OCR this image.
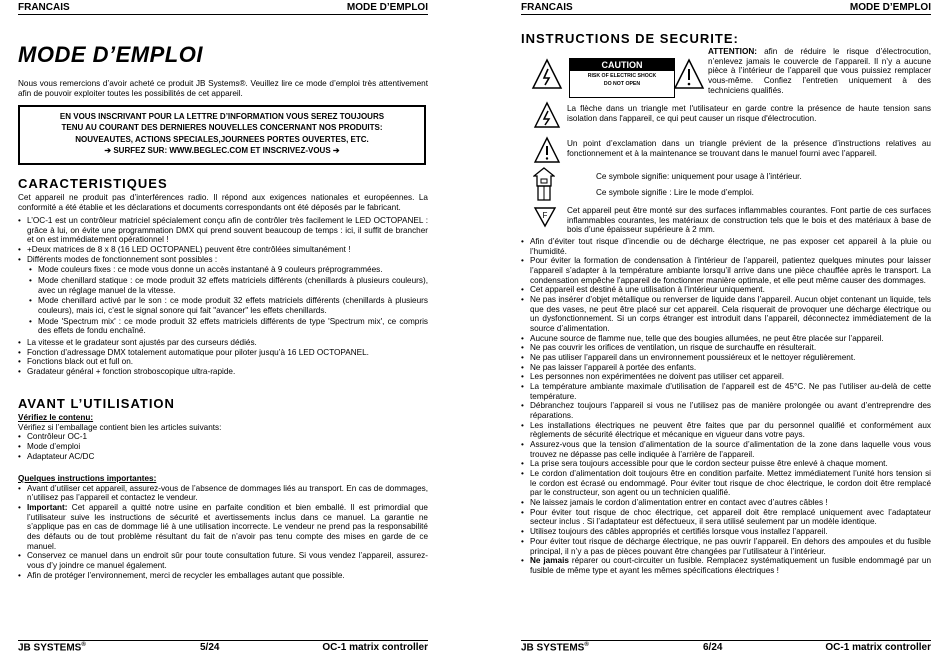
FRANCAIS	MODE D’EMPLOI
MODE D’EMPLOI
Nous vous remercions d’avoir acheté ce produit JB Systems®. Veuillez lire ce mode d’emploi très attentivement afin de pouvoir exploiter toutes les possibilités de cet appareil.
EN VOUS INSCRIVANT POUR LA LETTRE D’INFORMATION VOUS SEREZ TOUJOURS
TENU AU COURANT DES DERNIERES NOUVELLES CONCERNANT NOS PRODUITS:
NOUVEAUTES, ACTIONS SPECIALES,JOURNEES PORTES OUVERTES, ETC.
➔ SURFEZ SUR: WWW.BEGLEC.COM ET INSCRIVEZ-VOUS ➔
CARACTERISTIQUES
Cet appareil ne produit pas d’interférences radio. Il répond aux exigences nationales et européennes. La conformité a été établie et les déclarations et documents correspondants ont été déposés par le fabricant.
• L’OC-1 est un contrôleur matriciel spécialement conçu afin de contrôler très facilement le LED OCTOPANEL : grâce à lui, on évite une programmation DMX qui prend souvent beaucoup de temps : ici, il suffit de brancher et on est immédiatement opérationnel !
• +Deux matrices de 8 x 8 (16 LED OCTOPANEL) peuvent être contrôlées simultanément !
• Différents modes de fonctionnement sont possibles :
• Mode couleurs fixes : ce mode vous donne un accès instantané à 9 couleurs préprogrammées.
• Mode chenillard statique : ce mode produit 32 effets matriciels différents (chenillards à plusieurs couleurs), avec un réglage manuel de la vitesse.
• Mode chenillard activé par le son : ce mode produit 32 effets matriciels différents (chenillards à plusieurs couleurs), mais ici, c’est le signal sonore qui fait "avancer" les effets chenillards.
• Mode 'Spectrum mix' : ce mode produit 32 effets matriciels différents de type 'Spectrum mix', ce compris des effets de fondu enchaîné.
• La vitesse et le gradateur sont ajustés par des curseurs dédiés.
• Fonction d’adressage DMX totalement automatique pour piloter jusqu’à 16 LED OCTOPANEL.
• Fonctions black out et full on.
• Gradateur général + fonction stroboscopique ultra-rapide.
AVANT L’UTILISATION
Vérifiez le contenu:
Vérifiez si l’emballage contient bien les articles suivants:
• Contrôleur OC-1
• Mode d’emploi
• Adaptateur AC/DC
Quelques instructions importantes:
• Avant d’utiliser cet appareil, assurez-vous de l’absence de dommages liés au transport. En cas de dommages, n’utilisez pas l’appareil et contactez le vendeur.
• Important: Cet appareil a quitté notre usine en parfaite condition et bien emballé. Il est primordial que l’utilisateur suive les instructions de sécurité et avertissements inclus dans ce manuel. La garantie ne s’applique pas en cas de dommage lié à une utilisation incorrecte. Le vendeur ne prend pas la responsabilité des défauts ou de tout problème résultant du fait de n’avoir pas tenu compte des mises en garde de ce manuel.
• Conservez ce manuel dans un endroit sûr pour toute consultation future. Si vous vendez l’appareil, assurez-vous d’y joindre ce manuel également.
• Afin de protéger l’environnement, merci de recycler les emballages autant que possible.
JB SYSTEMS®	5/24	OC-1 matrix controller
FRANCAIS	MODE D’EMPLOI
INSTRUCTIONS DE SECURITE:
CAUTION
RISK OF ELECTRIC SHOCK
DO NOT OPEN
ATTENTION: afin de réduire le risque d’électrocution, n’enlevez jamais le couvercle de l’appareil. Il n’y a aucune pièce à l’intérieur de l’appareil que vous puissiez remplacer vous-même. Confiez l’entretien uniquement à des techniciens qualifiés.
La flèche dans un triangle met l'utilisateur en garde contre la présence de haute tension sans isolation dans l'appareil, ce qui peut causer un risque d'électrocution.
Un point d’exclamation dans un triangle prévient de la présence d’instructions relatives au fonctionnement et à la maintenance se trouvant dans le manuel fourni avec l’appareil.
Ce symbole signifie: uniquement pour usage à l’intérieur.
Ce symbole signifie : Lire le mode d’emploi.
F
Cet appareil peut être monté sur des surfaces inflammables courantes. Font partie de ces surfaces inflammables courantes, les matériaux de construction tels que le bois et des matériaux à base de bois d’une épaisseur supérieure à 2 mm.
• Afin d’éviter tout risque d’incendie ou de décharge électrique, ne pas exposer cet appareil à la pluie ou l’humidité.
• Pour éviter la formation de condensation à l’intérieur de l’appareil, patientez quelques minutes pour laisser l’appareil s’adapter à la température ambiante lorsqu’il arrive dans une pièce chauffée après le transport. La condensation empêche l’appareil de fonctionner manière optimale, et elle peut même causer des dommages.
• Cet appareil est destiné à une utilisation à l’intérieur uniquement.
• Ne pas insérer d’objet métallique ou renverser de liquide dans l’appareil. Aucun objet contenant un liquide, tels que des vases, ne peut être placé sur cet appareil. Cela risquerait de provoquer une décharge électrique ou un dysfonctionnement. Si un corps étranger est introduit dans l’appareil, déconnectez immédiatement de la source d’alimentation.
• Aucune source de flamme nue, telle que des bougies allumées, ne peut être placée sur l’appareil.
• Ne pas couvrir les orifices de ventilation, un risque de surchauffe en résulterait.
• Ne pas utiliser l’appareil dans un environnement poussiéreux et le nettoyer régulièrement.
• Ne pas laisser l’appareil à portée des enfants.
• Les personnes non expérimentées ne doivent pas utiliser cet appareil.
• La température ambiante maximale d’utilisation de l’appareil est de 45°C. Ne pas l’utiliser au-delà de cette température.
• Débranchez toujours l’appareil si vous ne l’utilisez pas de manière prolongée ou avant d’entreprendre des réparations.
• Les installations électriques ne peuvent être faites que par du personnel qualifié et conformément aux règlements de sécurité électrique et mécanique en vigueur dans votre pays.
• Assurez-vous que la tension d’alimentation de la source d’alimentation de la zone dans laquelle vous vous trouvez ne dépasse pas celle indiquée à l’arrière de l’appareil.
• La prise sera toujours accessible pour que le cordon secteur puisse être enlevé à chaque moment.
• Le cordon d’alimentation doit toujours être en condition parfaite. Mettez immédiatement l’unité hors tension si le cordon est écrasé ou endommagé. Pour éviter tout risque de choc électrique, le cordon doit être remplacé par le constructeur, son agent ou un technicien qualifié.
• Ne laissez jamais le cordon d’alimentation entrer en contact avec d’autres câbles !
• Pour éviter tout risque de choc électrique, cet appareil doit être remplacé uniquement avec l’adaptateur secteur inclus . Si l’adaptateur est défectueux, il sera utilisé seulement par un modèle identique.
• Utilisez toujours des câbles appropriés et certifiés lorsque vous installez l’appareil.
• Pour éviter tout risque de décharge électrique, ne pas ouvrir l’appareil. En dehors des ampoules et du fusible principal, il n’y a pas de pièces pouvant être changées par l’utilisateur à l’intérieur.
• Ne jamais réparer ou court-circuiter un fusible. Remplacez systématiquement un fusible endommagé par un fusible de même type et ayant les mêmes spécifications électriques !
JB SYSTEMS®	6/24	OC-1 matrix controller
